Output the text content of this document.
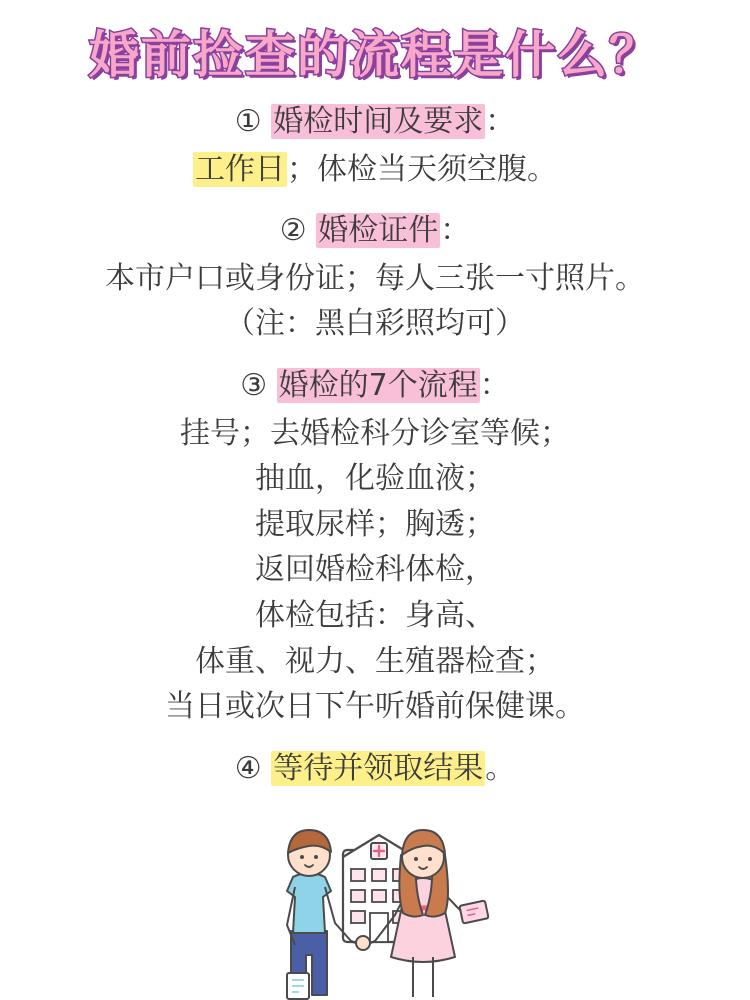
婚前捡查的流程是什么？
① 婚检时间及要求：
工作日；体检当天须空腹。
② 婚检证件：
本市户口或身份证；每人三张一寸照片。
（注：黑白彩照均可）
③ 婚检的7个流程：
挂号；去婚检科分诊室等候；
抽血，化验血液；
提取尿样；胸透；
返回婚检科体检，
体检包括：身高、
体重、视力、生殖器检查；
当日或次日下午听婚前保健课。
④ 等待并领取结果。
